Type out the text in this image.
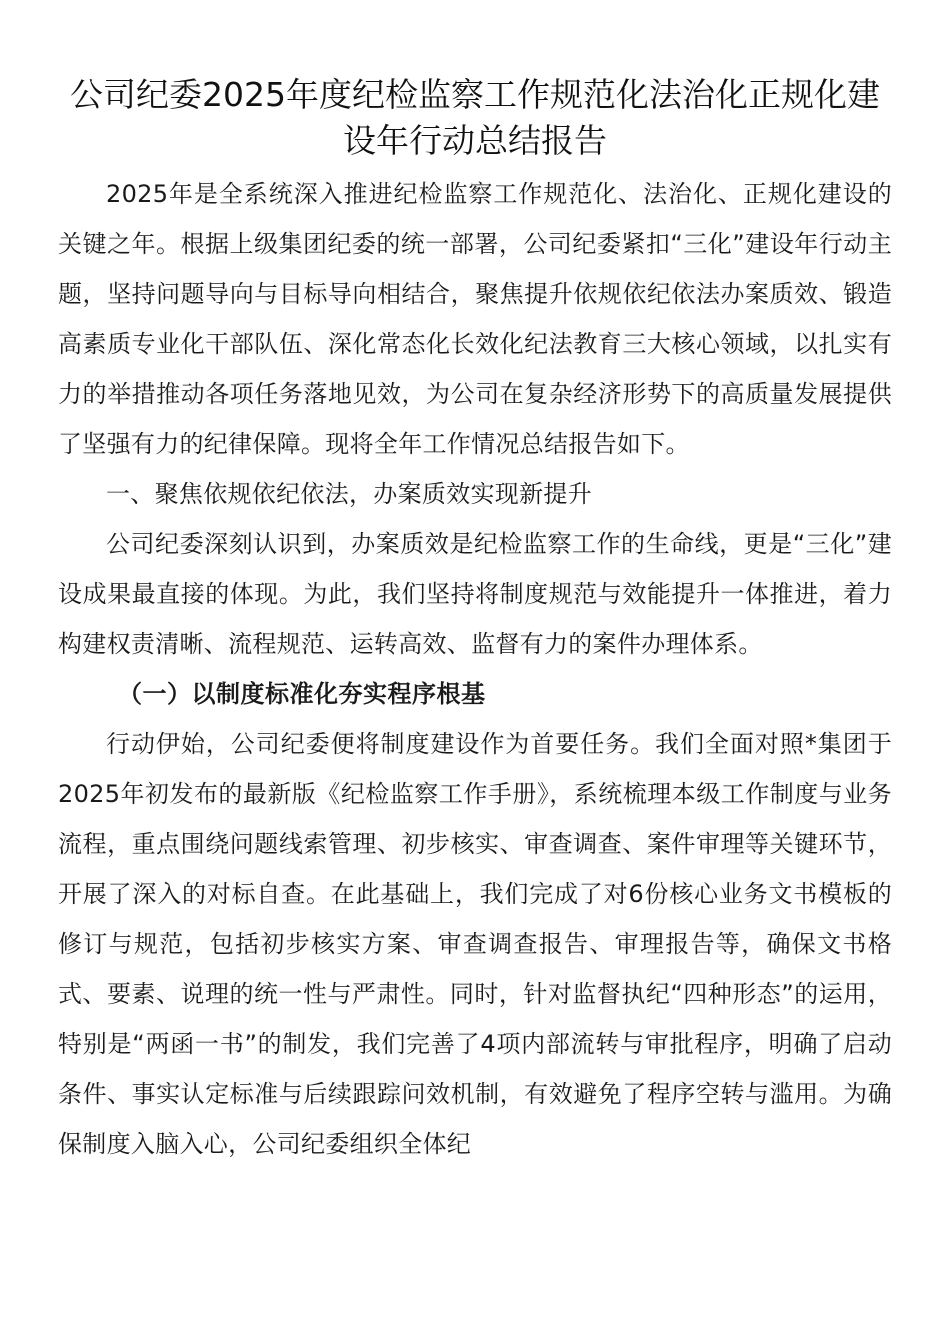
公司纪委2025年度纪检监察工作规范化法治化正规化建设年行动总结报告

2025年是全系统深入推进纪检监察工作规范化、法治化、正规化建设的关键之年。根据上级集团纪委的统一部署，公司纪委紧扣“三化”建设年行动主题，坚持问题导向与目标导向相结合，聚焦提升依规依纪依法办案质效、锻造高素质专业化干部队伍、深化常态化长效化纪法教育三大核心领域，以扎实有力的举措推动各项任务落地见效，为公司在复杂经济形势下的高质量发展提供了坚强有力的纪律保障。现将全年工作情况总结报告如下。

一、聚焦依规依纪依法，办案质效实现新提升

公司纪委深刻认识到，办案质效是纪检监察工作的生命线，更是“三化”建设成果最直接的体现。为此，我们坚持将制度规范与效能提升一体推进，着力构建权责清晰、流程规范、运转高效、监督有力的案件办理体系。

（一）以制度标准化夯实程序根基

行动伊始，公司纪委便将制度建设作为首要任务。我们全面对照*集团于2025年初发布的最新版《纪检监察工作手册》，系统梳理本级工作制度与业务流程，重点围绕问题线索管理、初步核实、审查调查、案件审理等关键环节，开展了深入的对标自查。在此基础上，我们完成了对6份核心业务文书模板的修订与规范，包括初步核实方案、审查调查报告、审理报告等，确保文书格式、要素、说理的统一性与严肃性。同时，针对监督执纪“四种形态”的运用，特别是“两函一书”的制发，我们完善了4项内部流转与审批程序，明确了启动条件、事实认定标准与后续跟踪问效机制，有效避免了程序空转与滥用。为确保制度入脑入心，公司纪委组织全体纪
